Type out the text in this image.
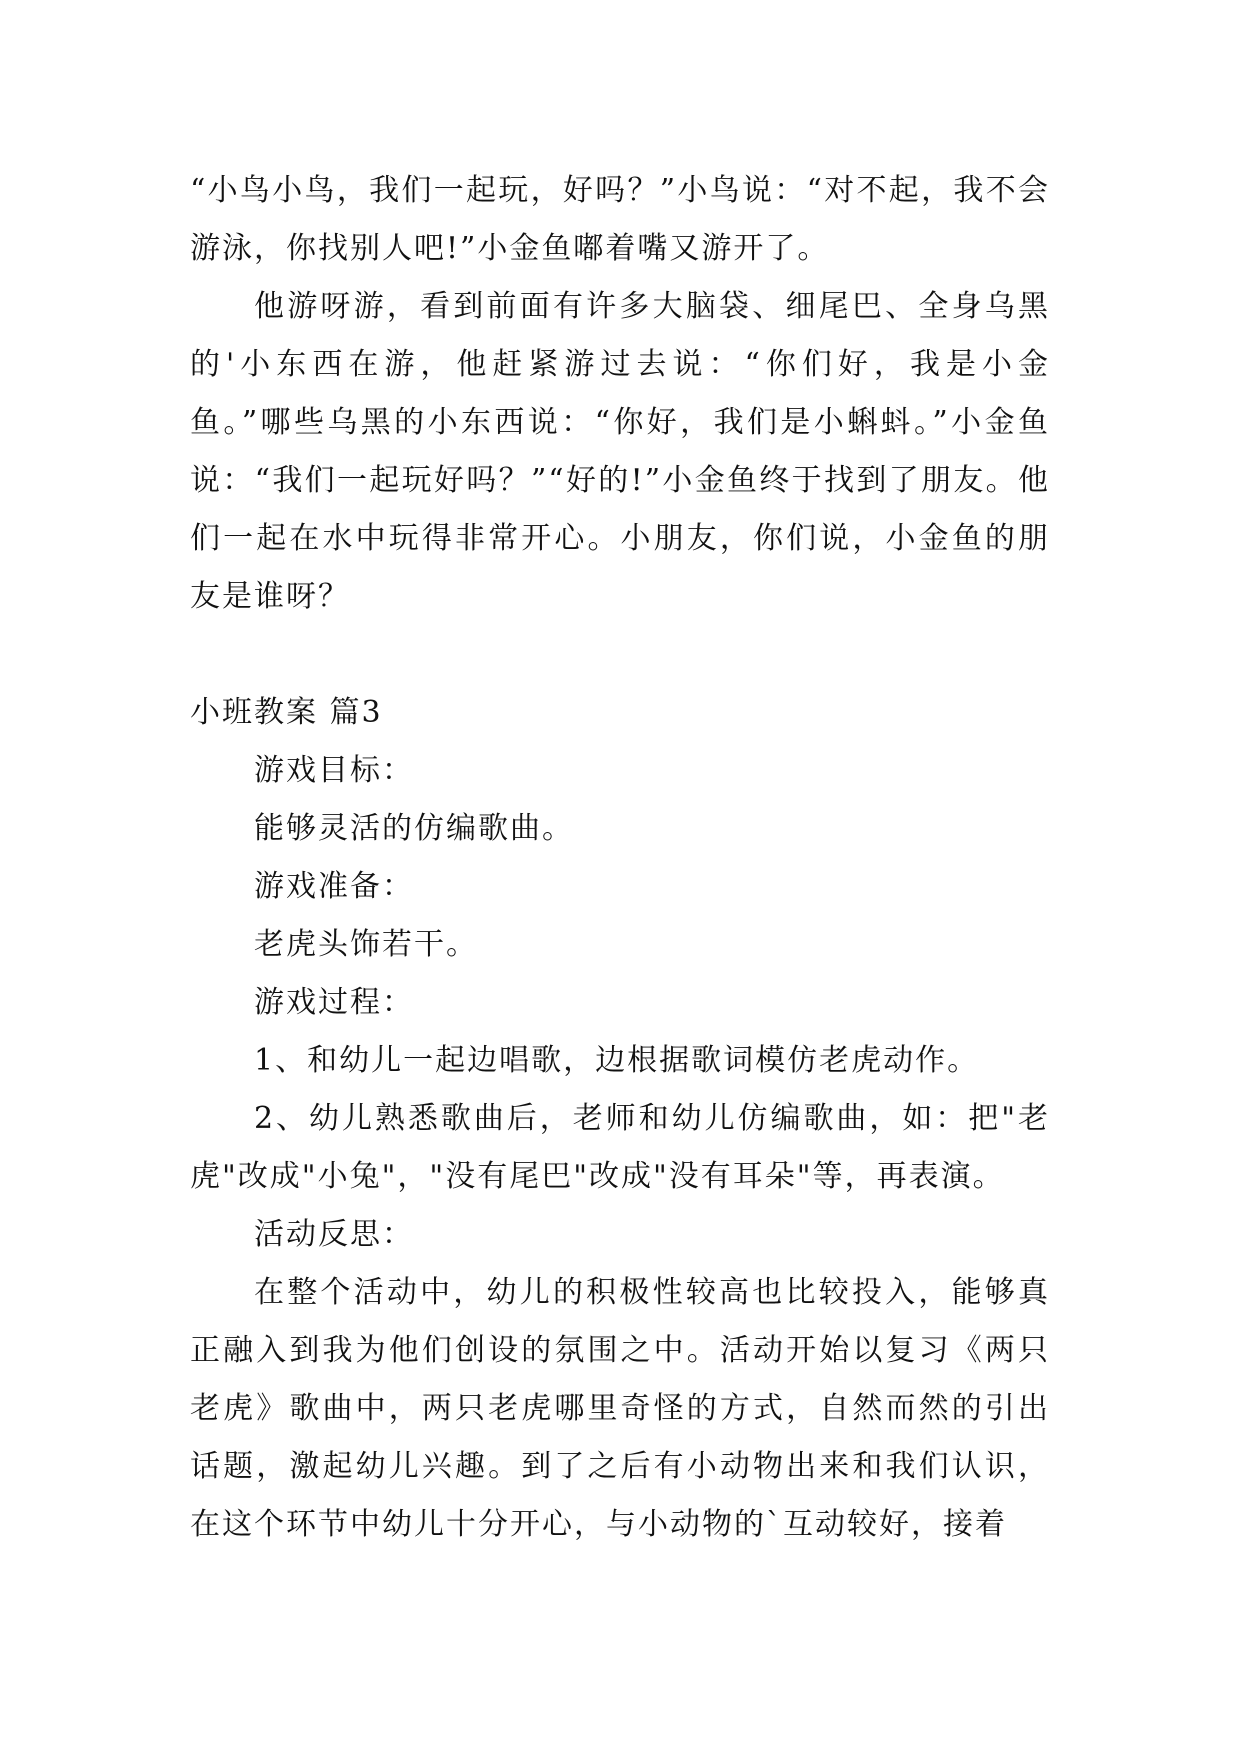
“小鸟小鸟，我们一起玩，好吗？”小鸟说：“对不起，我不会游泳，你找别人吧!”小金鱼嘟着嘴又游开了。

他游呀游，看到前面有许多大脑袋、细尾巴、全身乌黑的'小东西在游，他赶紧游过去说：“你们好，我是小金鱼。”哪些乌黑的小东西说：“你好，我们是小蝌蚪。”小金鱼说：“我们一起玩好吗？”“好的!”小金鱼终于找到了朋友。他们一起在水中玩得非常开心。小朋友，你们说，小金鱼的朋友是谁呀？

小班教案 篇3

游戏目标：

能够灵活的仿编歌曲。

游戏准备：

老虎头饰若干。

游戏过程：

1、和幼儿一起边唱歌，边根据歌词模仿老虎动作。

2、幼儿熟悉歌曲后，老师和幼儿仿编歌曲，如：把"老虎"改成"小兔"，"没有尾巴"改成"没有耳朵"等，再表演。

活动反思：

在整个活动中，幼儿的积极性较高也比较投入，能够真正融入到我为他们创设的氛围之中。活动开始以复习《两只老虎》歌曲中，两只老虎哪里奇怪的方式，自然而然的引出话题，激起幼儿兴趣。到了之后有小动物出来和我们认识，在这个环节中幼儿十分开心，与小动物的`互动较好，接着
